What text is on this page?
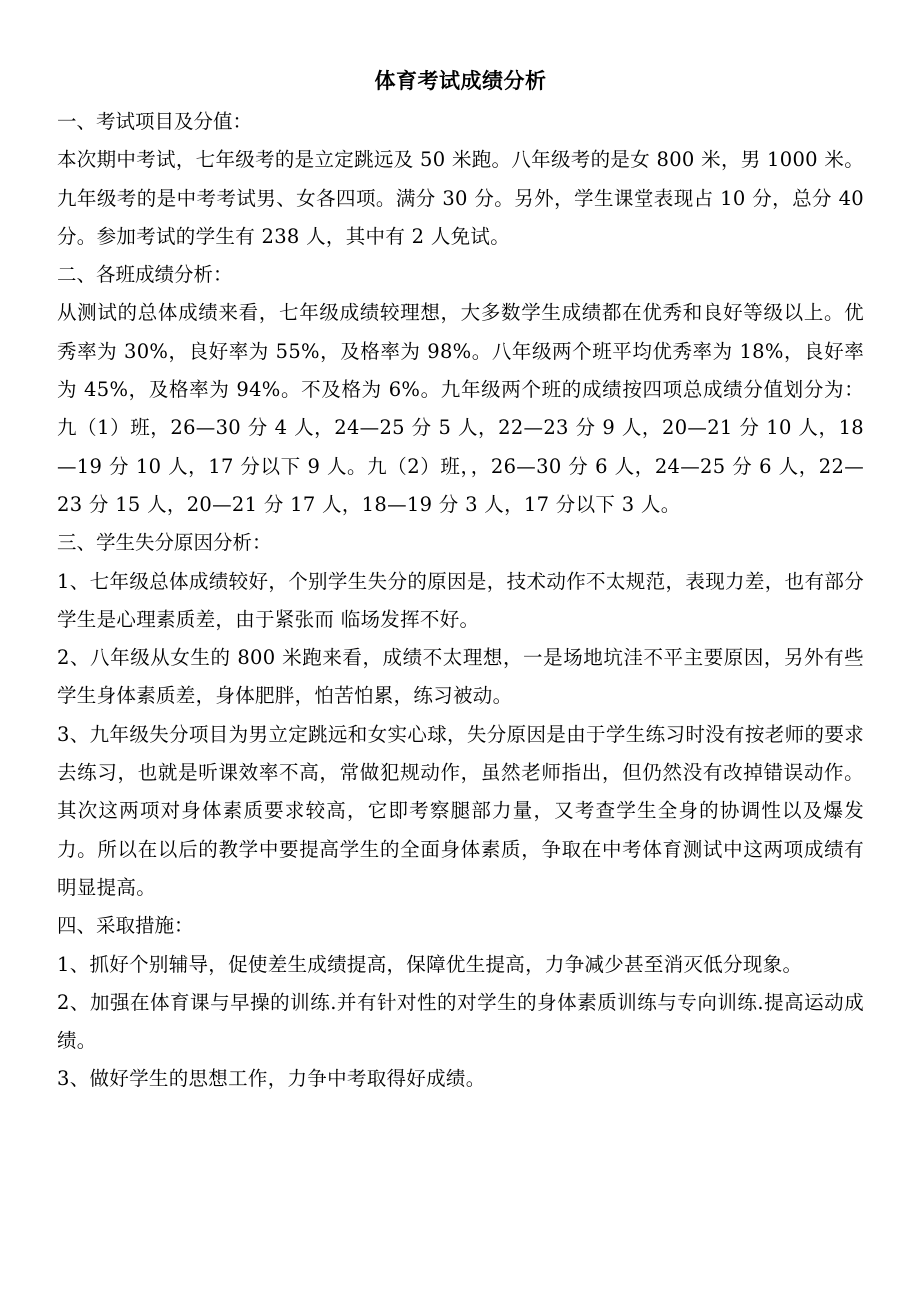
体育考试成绩分析

一、考试项目及分值：

本次期中考试，七年级考的是立定跳远及 50 米跑。八年级考的是女 800 米，男 1000 米。九年级考的是中考考试男、女各四项。满分 30 分。另外，学生课堂表现占 10 分，总分 40 分。参加考试的学生有 238 人，其中有 2 人免试。

二、各班成绩分析：

从测试的总体成绩来看，七年级成绩较理想，大多数学生成绩都在优秀和良好等级以上。优秀率为 30%，良好率为 55%，及格率为 98%。八年级两个班平均优秀率为 18%，良好率为 45%，及格率为 94%。不及格为 6%。九年级两个班的成绩按四项总成绩分值划分为：九（1）班，26—30 分 4 人，24—25 分 5 人，22—23 分 9 人，20—21 分 10 人，18—19 分 10 人，17 分以下 9 人。九（2）班，，26—30 分 6 人，24—25 分 6 人，22—23 分 15 人，20—21 分 17 人，18—19 分 3 人，17 分以下 3 人。

三、学生失分原因分析：

1、七年级总体成绩较好，个别学生失分的原因是，技术动作不太规范，表现力差，也有部分学生是心理素质差，由于紧张而 临场发挥不好。

2、八年级从女生的 800 米跑来看，成绩不太理想，一是场地坑洼不平主要原因，另外有些学生身体素质差，身体肥胖，怕苦怕累，练习被动。

3、九年级失分项目为男立定跳远和女实心球，失分原因是由于学生练习时没有按老师的要求去练习，也就是听课效率不高，常做犯规动作，虽然老师指出，但仍然没有改掉错误动作。其次这两项对身体素质要求较高，它即考察腿部力量，又考查学生全身的协调性以及爆发力。所以在以后的教学中要提高学生的全面身体素质，争取在中考体育测试中这两项成绩有明显提高。

四、采取措施：

1、抓好个别辅导，促使差生成绩提高，保障优生提高，力争减少甚至消灭低分现象。

2、加强在体育课与早操的训练.并有针对性的对学生的身体素质训练与专向训练.提高运动成绩。

3、做好学生的思想工作，力争中考取得好成绩。
